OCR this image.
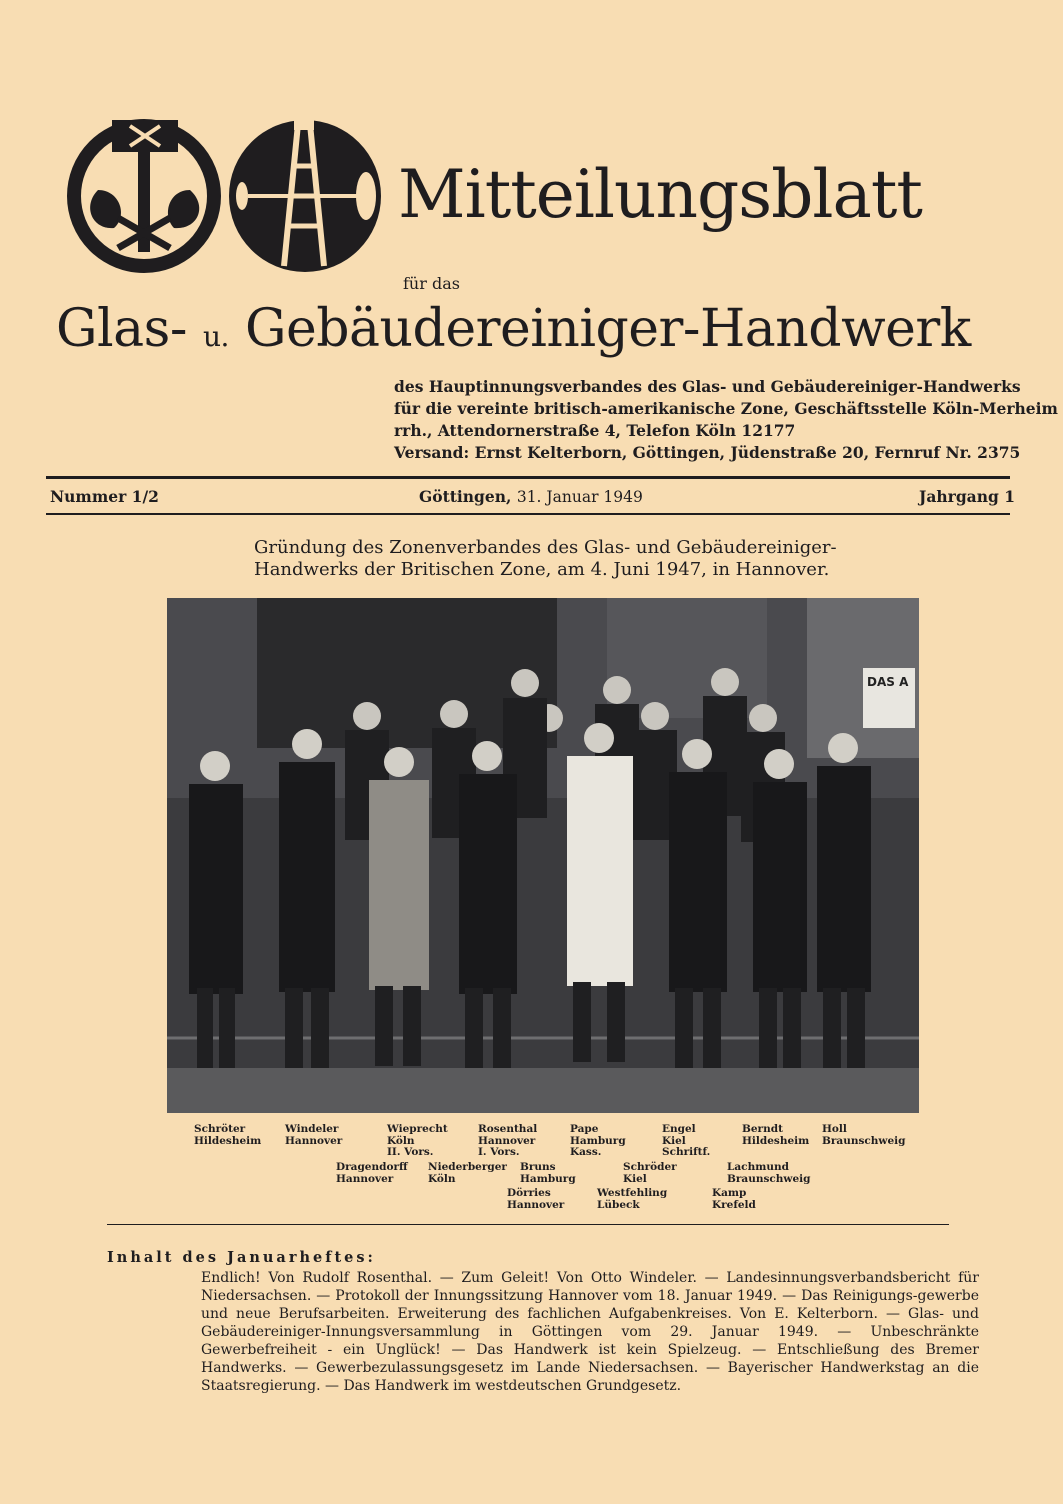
Mitteilungsblatt
für das
Glas- u. Gebäudereiniger-Handwerk
des Hauptinnungsverbandes des Glas- und Gebäudereiniger-Handwerks
für die vereinte britisch-amerikanische Zone, Geschäftsstelle Köln-Merheim
rrh., Attendornerstraße 4, Telefon Köln 12177
Versand: Ernst Kelterborn, Göttingen, Jüdenstraße 20, Fernruf Nr. 2375
Nummer 1/2	Göttingen, 31. Januar 1949	Jahrgang 1
Gründung des Zonenverbandes des Glas- und Gebäudereiniger-
Handwerks der Britischen Zone, am 4. Juni 1947, in Hannover.
DAS A
Schröter
Hildesheim
Windeler
Hannover
Wieprecht
Köln
II. Vors.
Rosenthal
Hannover
I. Vors.
Pape
Hamburg
Kass.
Engel
Kiel
Schriftf.
Berndt
Hildesheim
Holl
Braunschweig
Dragendorff
Hannover
Niederberger
Köln
Bruns
Hamburg
Schröder
Kiel
Lachmund
Braunschweig
Dörries
Hannover
Westfehling
Lübeck
Kamp
Krefeld
Inhalt des Januarheftes:
Endlich! Von Rudolf Rosenthal. — Zum Geleit! Von Otto Windeler. — Landesinnungsverbandsbericht für Niedersachsen. — Protokoll der Innungssitzung Hannover vom 18. Januar 1949. — Das Reinigungs-gewerbe und neue Berufsarbeiten. Erweiterung des fachlichen Aufgabenkreises. Von E. Kelterborn. — Glas- und Gebäudereiniger-Innungsversammlung in Göttingen vom 29. Januar 1949. — Unbeschränkte Gewerbefreiheit - ein Unglück! — Das Handwerk ist kein Spielzeug. — Entschließung des Bremer Handwerks. — Gewerbezulassungsgesetz im Lande Niedersachsen. — Bayerischer Handwerkstag an die Staatsregierung. — Das Handwerk im westdeutschen Grundgesetz.
